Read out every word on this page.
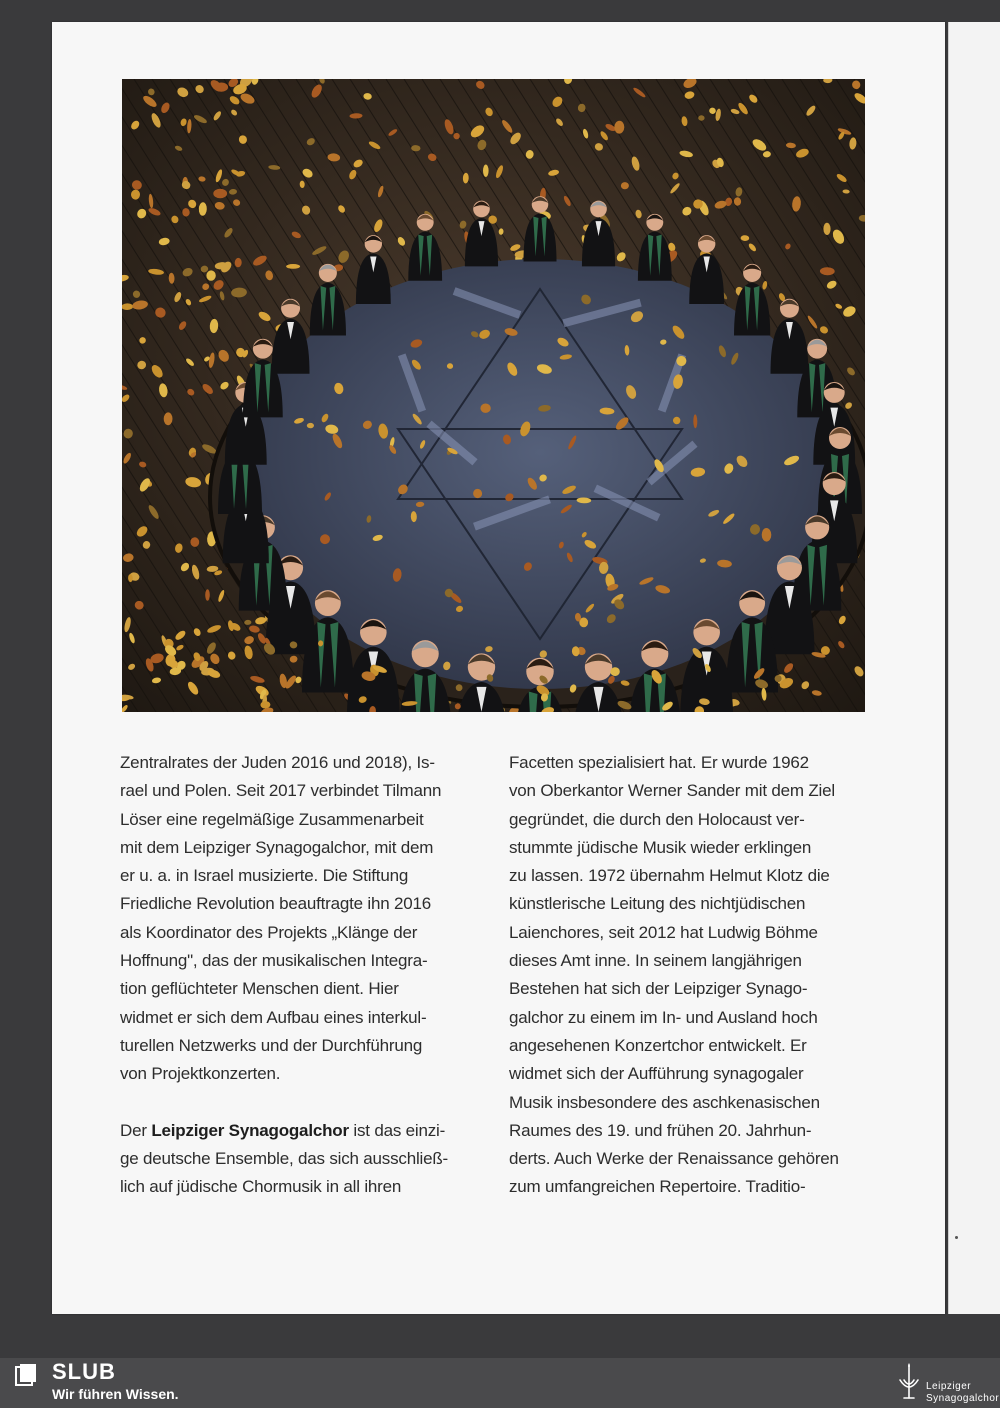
Zentralrates der Juden 2016 und 2018), Is-
rael und Polen. Seit 2017 verbindet Tilmann
Löser eine regelmäßige Zusammenarbeit
mit dem Leipziger Synagogalchor, mit dem
er u. a. in Israel musizierte. Die Stiftung
Friedliche Revolution beauftragte ihn 2016
als Koordinator des Projekts „Klänge der
Hoffnung", das der musikalischen Integra-
tion geflüchteter Menschen dient. Hier
widmet er sich dem Aufbau eines interkul-
turellen Netzwerks und der Durchführung
von Projektkonzerten.

Der Leipziger Synagogalchor ist das einzi-
ge deutsche Ensemble, das sich ausschließ-
lich auf jüdische Chormusik in all ihren

Facetten spezialisiert hat. Er wurde 1962
von Oberkantor Werner Sander mit dem Ziel
gegründet, die durch den Holocaust ver-
stummte jüdische Musik wieder erklingen
zu lassen. 1972 übernahm Helmut Klotz die
künstlerische Leitung des nichtjüdischen
Laienchores, seit 2012 hat Ludwig Böhme
dieses Amt inne. In seinem langjährigen
Bestehen hat sich der Leipziger Synago-
galchor zu einem im In- und Ausland hoch
angesehenen Konzertchor entwickelt. Er
widmet sich der Aufführung synagogaler
Musik insbesondere des aschkenasischen
Raumes des 19. und frühen 20. Jahrhun-
derts. Auch Werke der Renaissance gehören
zum umfangreichen Repertoire. Traditio-

SLUB
Wir führen Wissen.	Leipziger
Synagogalchor
